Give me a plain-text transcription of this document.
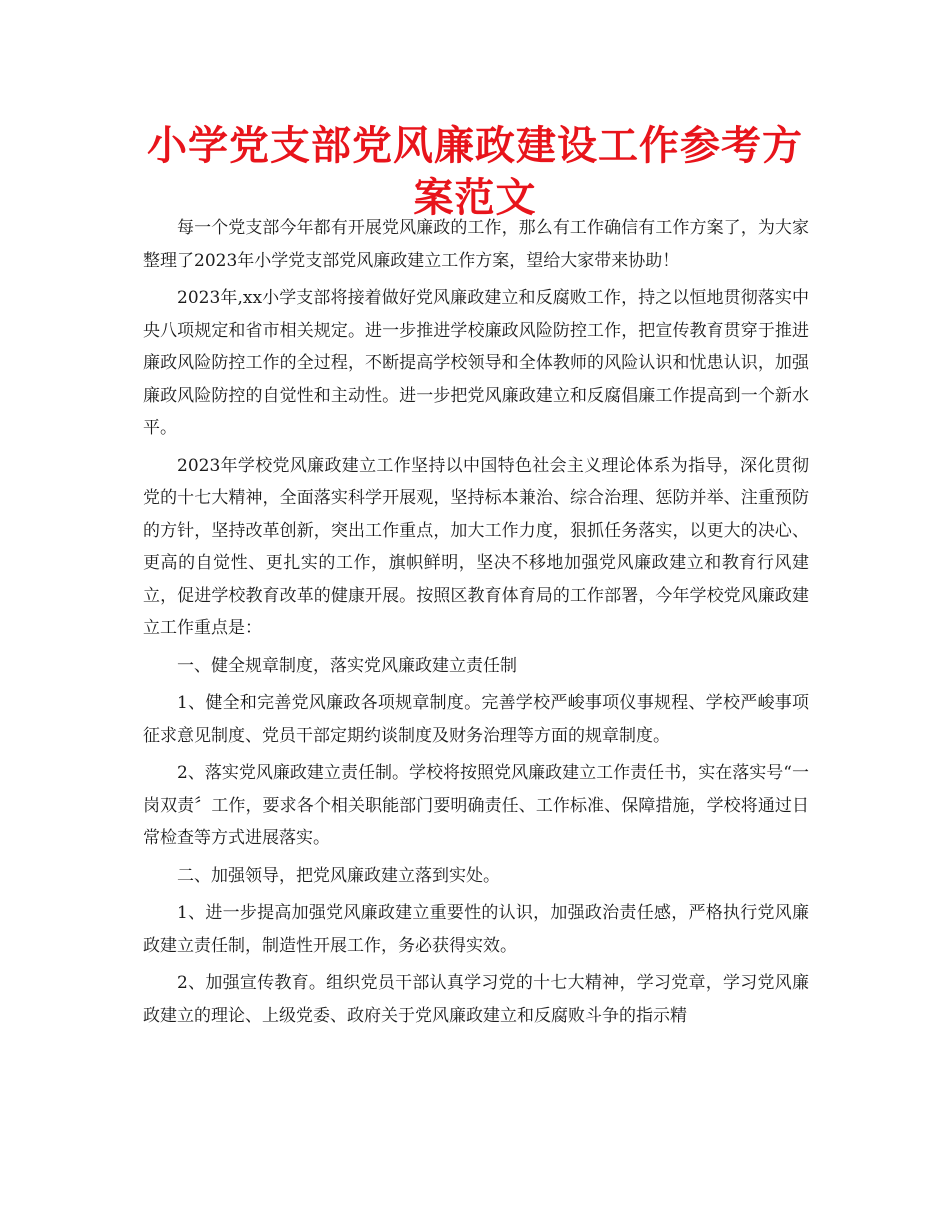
小学党支部党风廉政建设工作参考方案范文

每一个党支部今年都有开展党风廉政的工作，那么有工作确信有工作方案了，为大家整理了2023年小学党支部党风廉政建立工作方案，望给大家带来协助！

2023年,xx小学支部将接着做好党风廉政建立和反腐败工作，持之以恒地贯彻落实中央八项规定和省市相关规定。进一步推进学校廉政风险防控工作，把宣传教育贯穿于推进廉政风险防控工作的全过程，不断提高学校领导和全体教师的风险认识和忧患认识，加强廉政风险防控的自觉性和主动性。进一步把党风廉政建立和反腐倡廉工作提高到一个新水平。

2023年学校党风廉政建立工作坚持以中国特色社会主义理论体系为指导，深化贯彻党的十七大精神，全面落实科学开展观，坚持标本兼治、综合治理、惩防并举、注重预防的方针，坚持改革创新，突出工作重点，加大工作力度，狠抓任务落实，以更大的决心、更高的自觉性、更扎实的工作，旗帜鲜明，坚决不移地加强党风廉政建立和教育行风建立，促进学校教育改革的健康开展。按照区教育体育局的工作部署，今年学校党风廉政建立工作重点是：

一、健全规章制度，落实党风廉政建立责任制

1、健全和完善党风廉政各项规章制度。完善学校严峻事项仪事规程、学校严峻事项征求意见制度、党员干部定期约谈制度及财务治理等方面的规章制度。

2、落实党风廉政建立责任制。学校将按照党风廉政建立工作责任书，实在落实号“一岗双责〞工作，要求各个相关职能部门要明确责任、工作标准、保障措施，学校将通过日常检查等方式进展落实。

二、加强领导，把党风廉政建立落到实处。

1、进一步提高加强党风廉政建立重要性的认识，加强政治责任感，严格执行党风廉政建立责任制，制造性开展工作，务必获得实效。

2、加强宣传教育。组织党员干部认真学习党的十七大精神，学习党章，学习党风廉政建立的理论、上级党委、政府关于党风廉政建立和反腐败斗争的指示精
